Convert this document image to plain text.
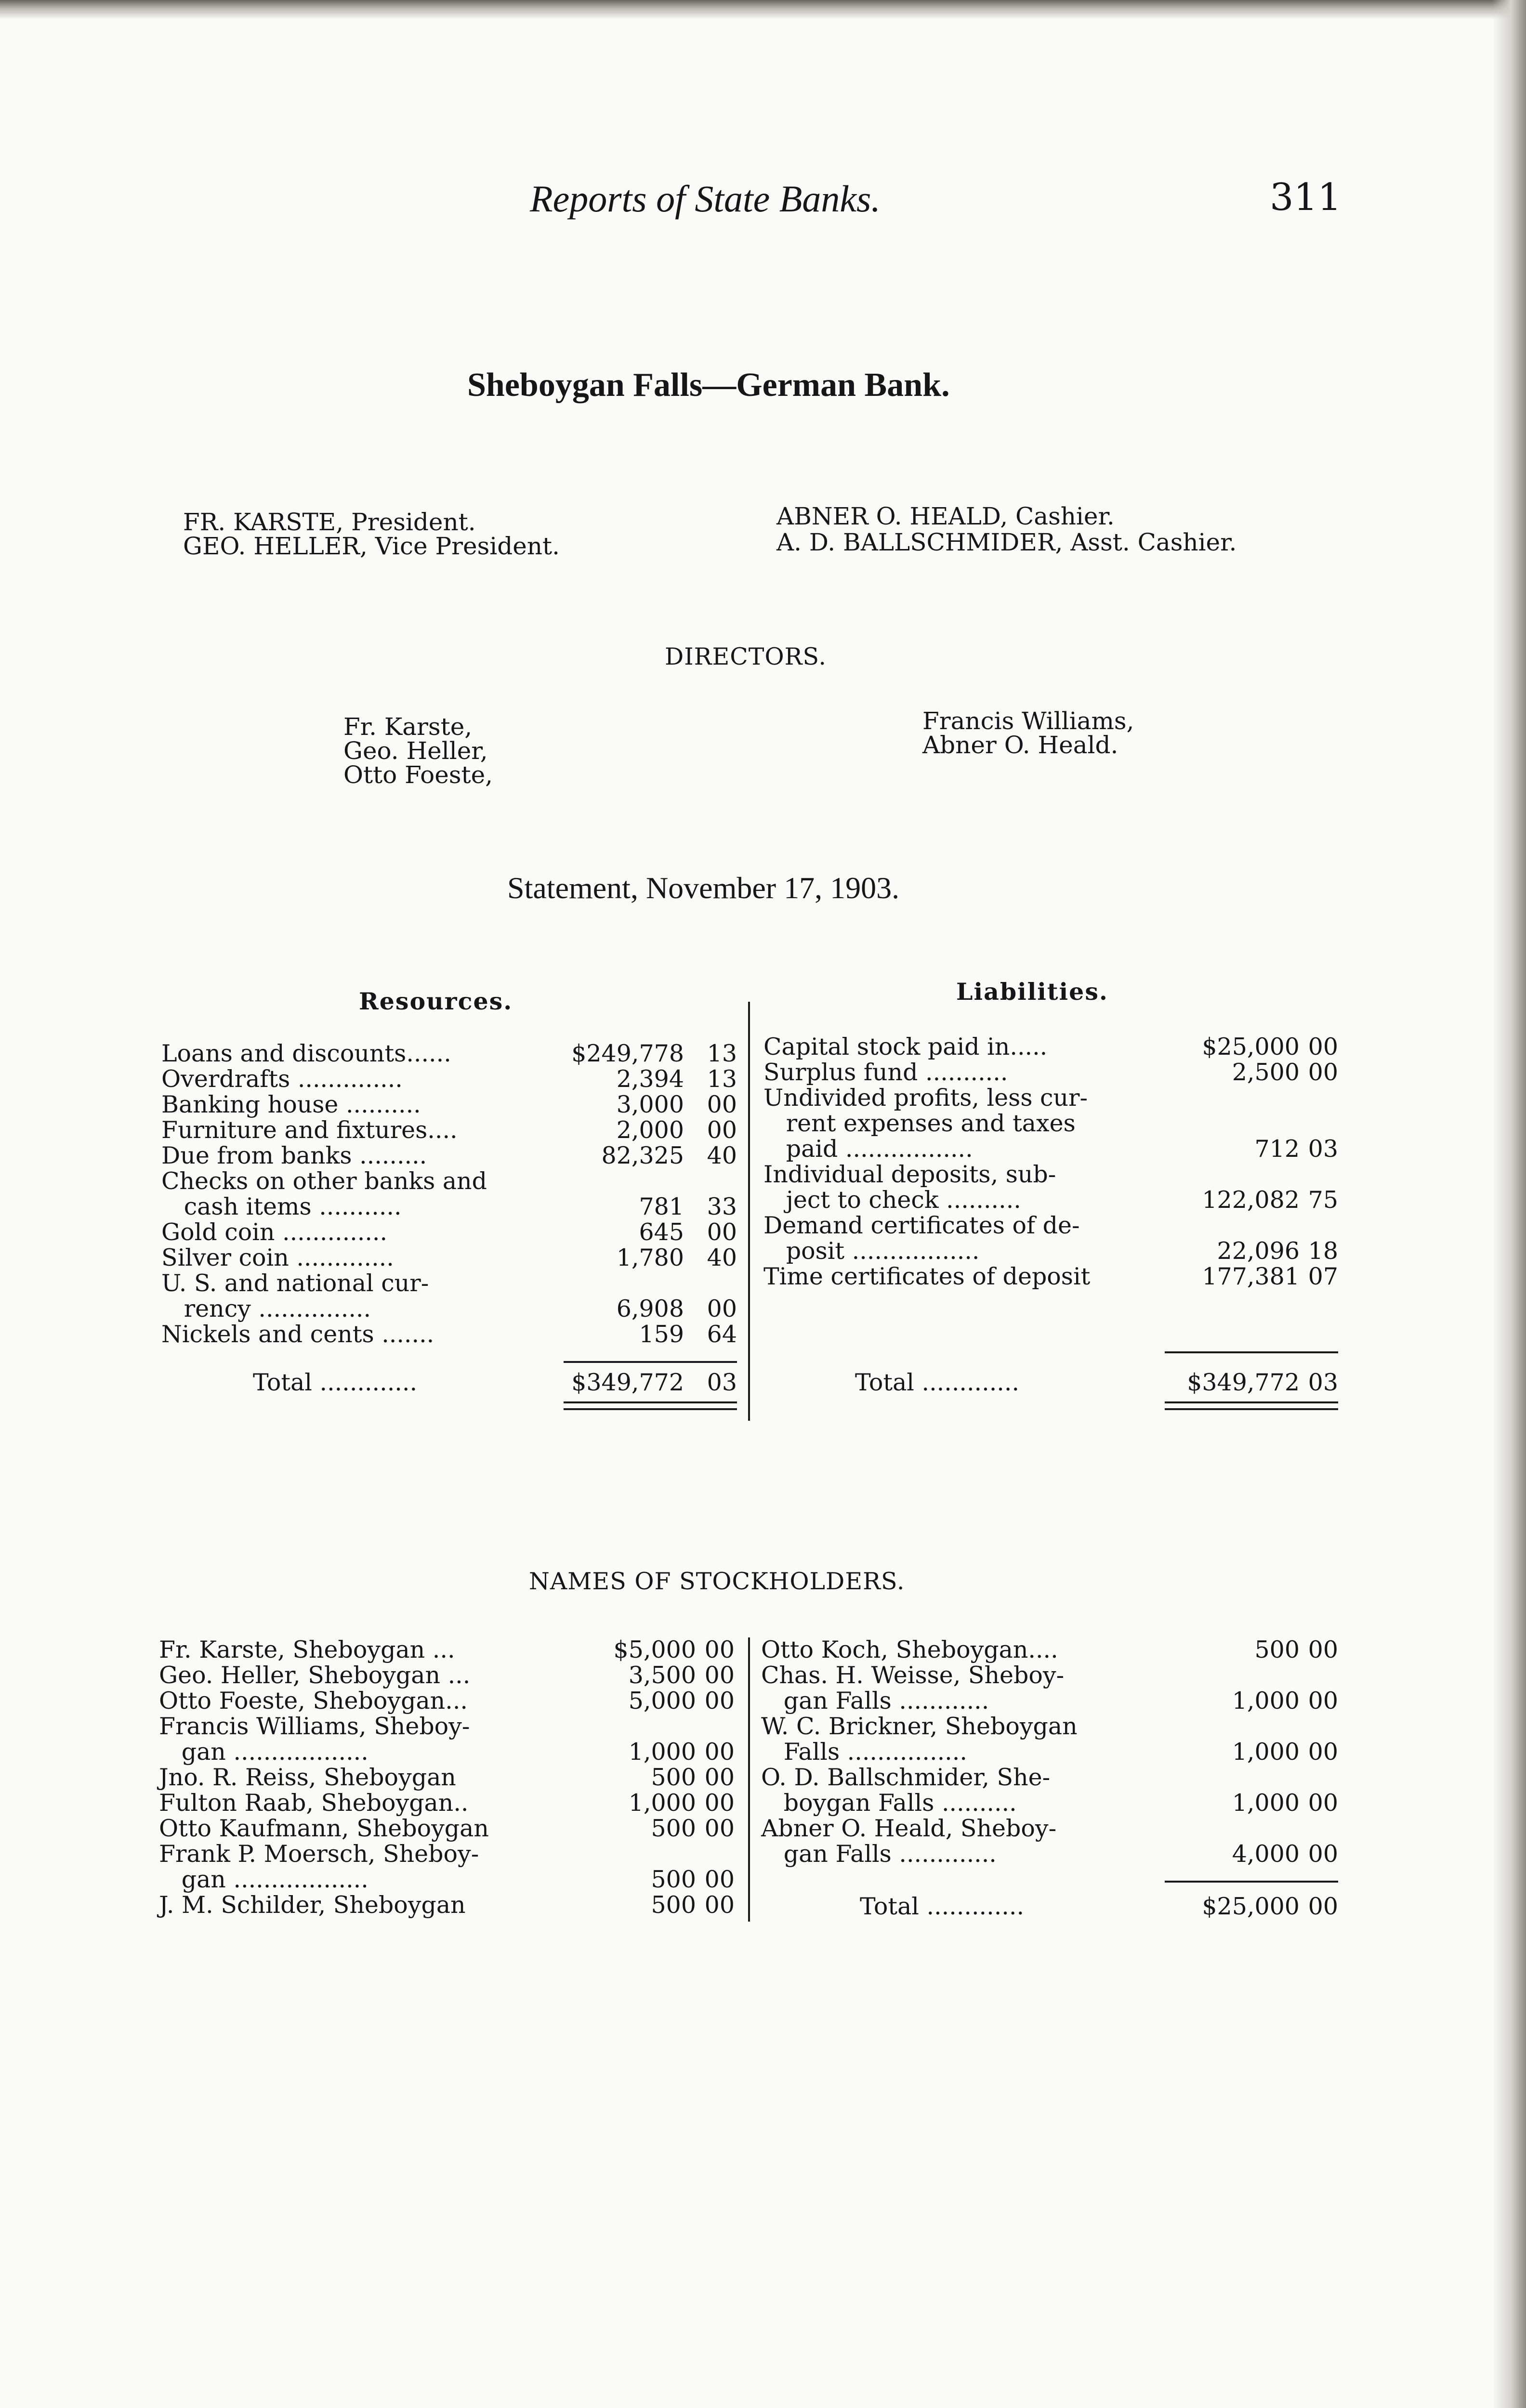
Reports of State Banks.	311
Sheboygan Falls—German Bank.
FR. KARSTE, President.
GEO. HELLER, Vice President.
ABNER O. HEALD, Cashier.
A. D. BALLSCHMIDER, Asst. Cashier.
DIRECTORS.
Fr. Karste,
Geo. Heller,
Otto Foeste,
Francis Williams,
Abner O. Heald.
Statement, November 17, 1903.
Resources.
Loans and discounts......	$249,778 13
Overdrafts ..............	2,394 13
Banking house ..........	3,000 00
Furniture and fixtures....	2,000 00
Due from banks .........	82,325 40
Checks on other banks and
cash items ...........	781 33
Gold coin ..............	645 00
Silver coin .............	1,780 40
U. S. and national cur-
rency ...............	6,908 00
Nickels and cents .......	159 64
Liabilities.
Capital stock paid in.....	$25,000 00
Surplus fund ...........	2,500 00
Undivided profits, less cur-
rent expenses and taxes
paid .................	712 03
Individual deposits, sub-
ject to check ..........	122,082 75
Demand certificates of de-
posit .................	22,096 18
Time certificates of deposit	177,381 07
Total .............	$349,772 03	Total .............	$349,772 03
NAMES OF STOCKHOLDERS.
Fr. Karste, Sheboygan ...	$5,000 00
Geo. Heller, Sheboygan ...	3,500 00
Otto Foeste, Sheboygan...	5,000 00
Francis Williams, Sheboy-
gan ..................	1,000 00
Jno. R. Reiss, Sheboygan	500 00
Fulton Raab, Sheboygan..	1,000 00
Otto Kaufmann, Sheboygan	500 00
Frank P. Moersch, Sheboy-
gan ..................	500 00
J. M. Schilder, Sheboygan	500 00
Otto Koch, Sheboygan....	500 00
Chas. H. Weisse, Sheboy-
gan Falls ............	1,000 00
W. C. Brickner, Sheboygan
Falls ................	1,000 00
O. D. Ballschmider, She-
boygan Falls ..........	1,000 00
Abner O. Heald, Sheboy-
gan Falls .............	4,000 00
Total .............	$25,000 00
